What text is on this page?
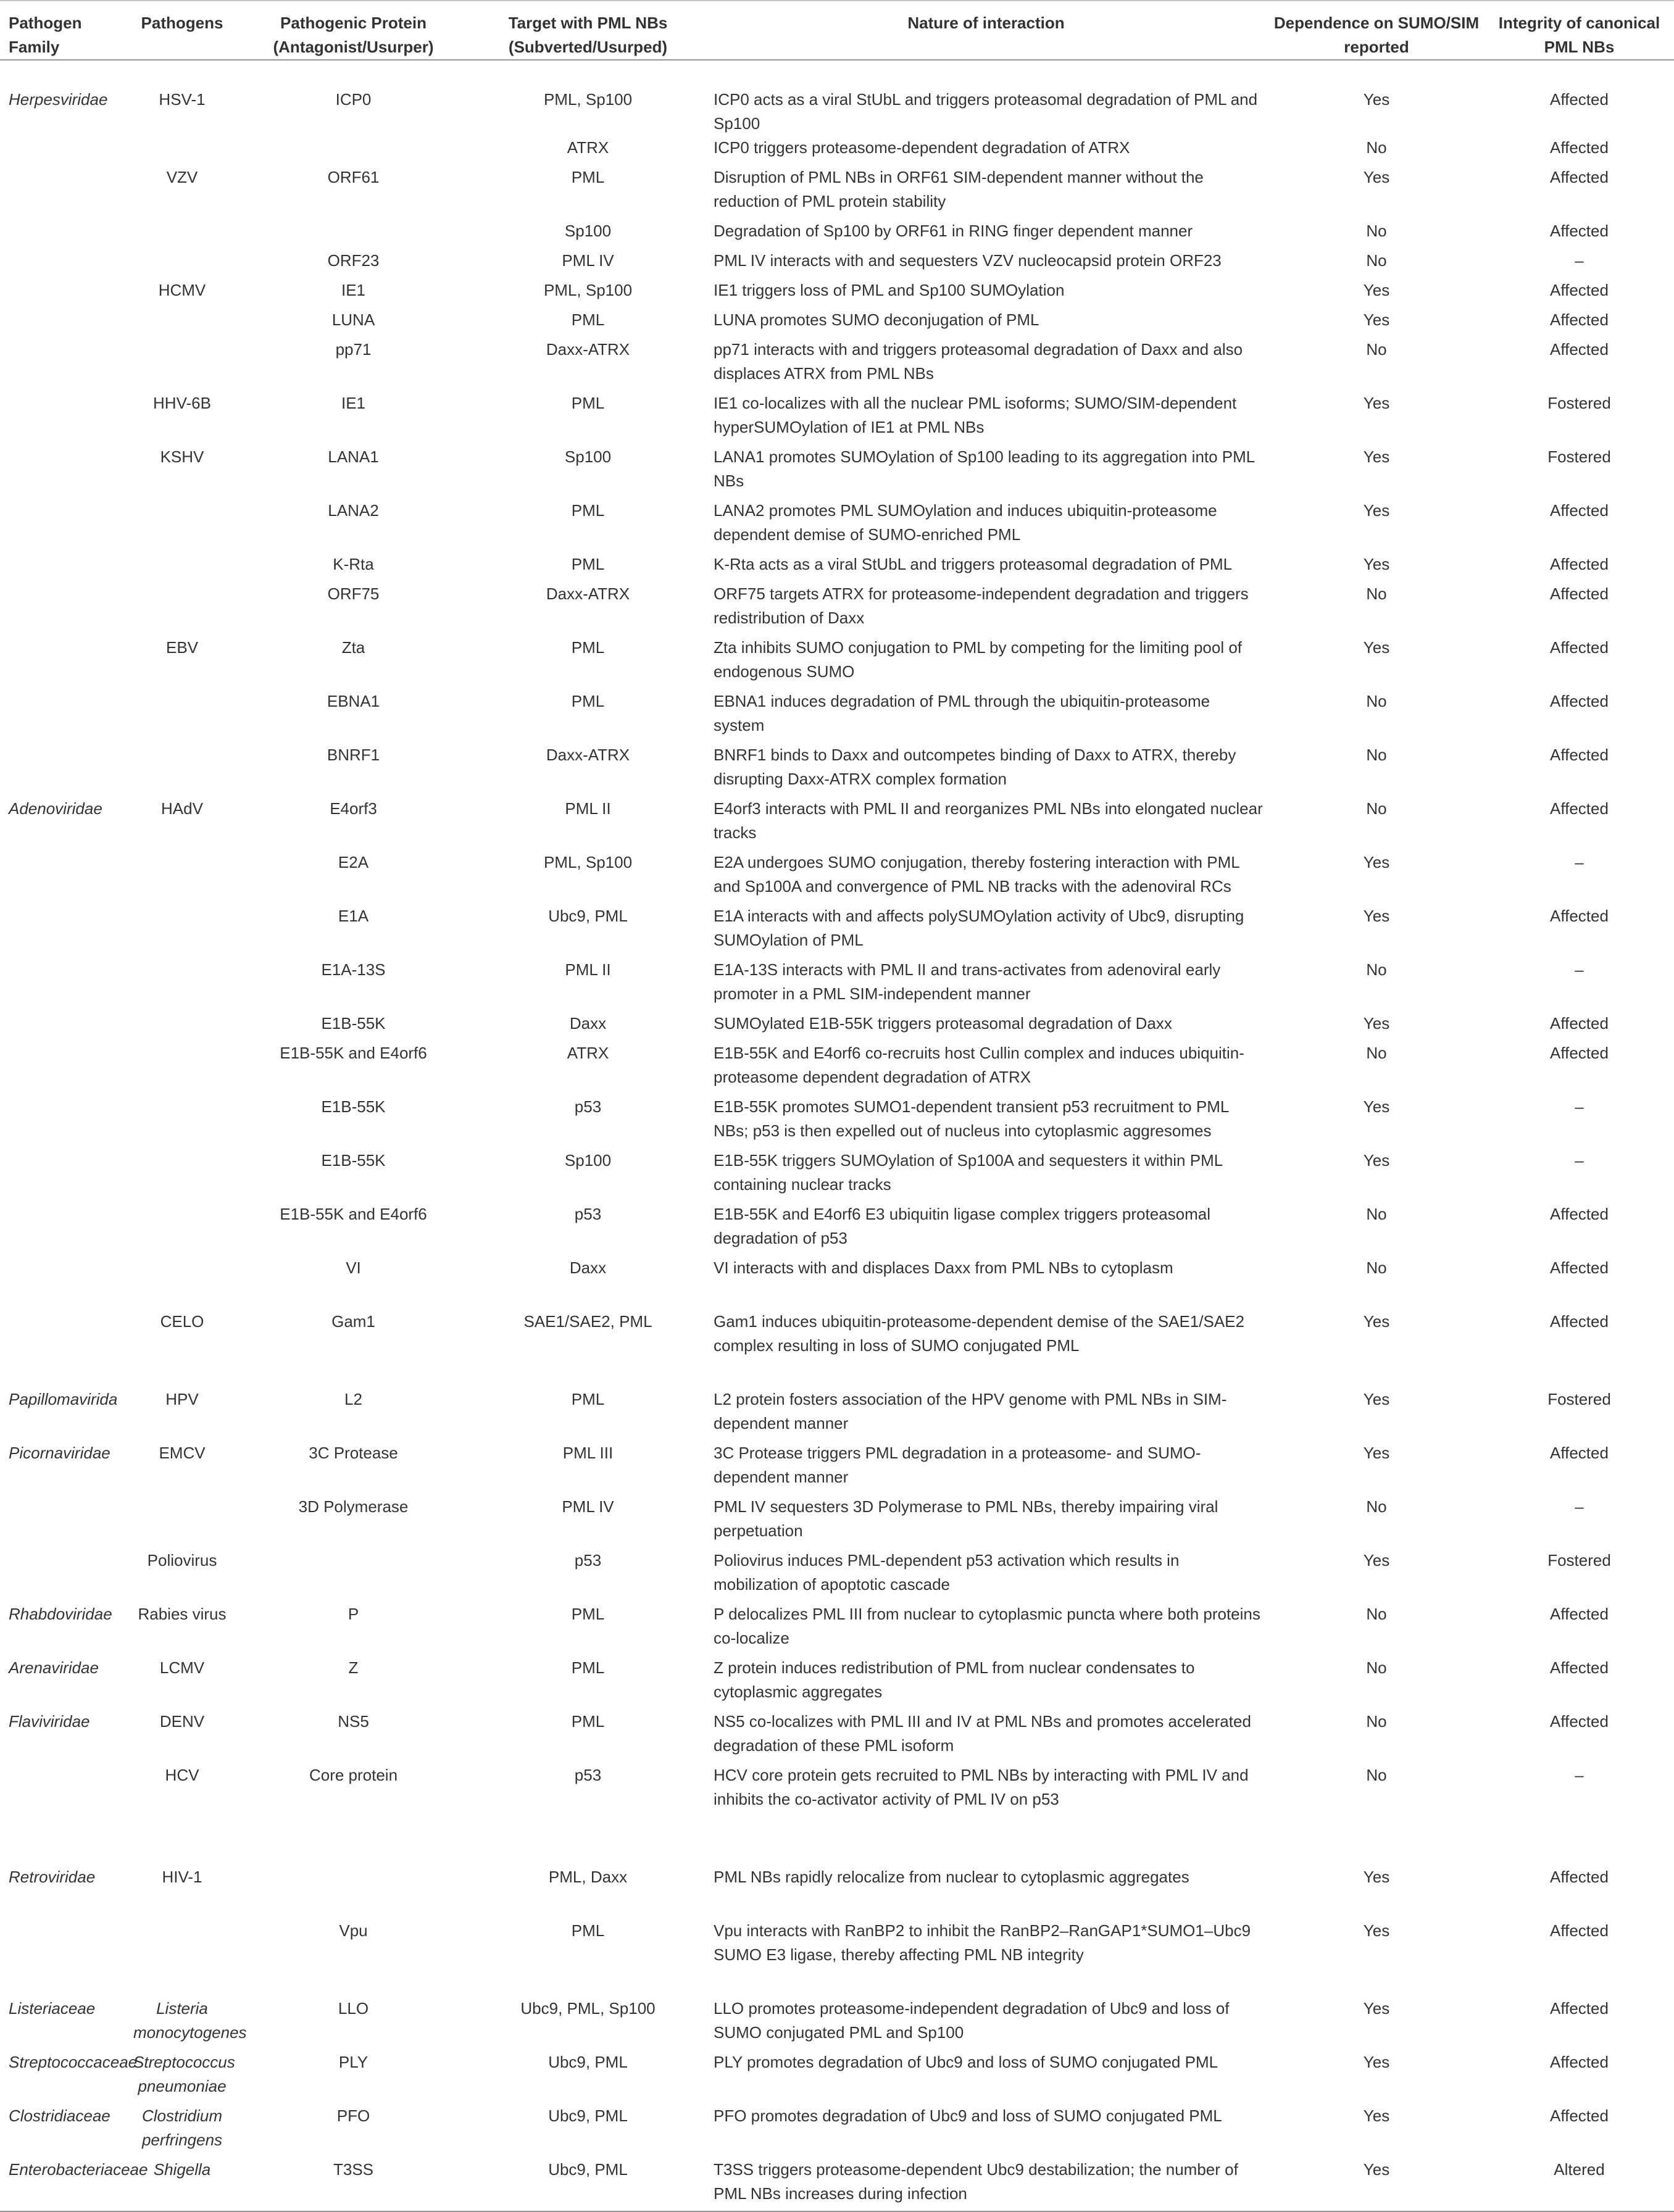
Pathogen Family	Pathogens	Pathogenic Protein (Antagonist/Usurper)	Target with PML NBs (Subverted/Usurped)	Nature of interaction	Dependence on SUMO/SIM reported	Integrity of canonical PML NBs
Herpesviridae	HSV-1	ICP0	PML, Sp100	ICP0 acts as a viral StUbL and triggers proteasomal degradation of PML and Sp100	Yes	Affected
			ATRX	ICP0 triggers proteasome-dependent degradation of ATRX	No	Affected
	VZV	ORF61	PML	Disruption of PML NBs in ORF61 SIM-dependent manner without the reduction of PML protein stability	Yes	Affected
			Sp100	Degradation of Sp100 by ORF61 in RING finger dependent manner	No	Affected
		ORF23	PML IV	PML IV interacts with and sequesters VZV nucleocapsid protein ORF23	No	–
	HCMV	IE1	PML, Sp100	IE1 triggers loss of PML and Sp100 SUMOylation	Yes	Affected
		LUNA	PML	LUNA promotes SUMO deconjugation of PML	Yes	Affected
		pp71	Daxx-ATRX	pp71 interacts with and triggers proteasomal degradation of Daxx and also displaces ATRX from PML NBs	No	Affected
	HHV-6B	IE1	PML	IE1 co-localizes with all the nuclear PML isoforms; SUMO/SIM-dependent hyperSUMOylation of IE1 at PML NBs	Yes	Fostered
	KSHV	LANA1	Sp100	LANA1 promotes SUMOylation of Sp100 leading to its aggregation into PML NBs	Yes	Fostered
		LANA2	PML	LANA2 promotes PML SUMOylation and induces ubiquitin-proteasome dependent demise of SUMO-enriched PML	Yes	Affected
		K-Rta	PML	K-Rta acts as a viral StUbL and triggers proteasomal degradation of PML	Yes	Affected
		ORF75	Daxx-ATRX	ORF75 targets ATRX for proteasome-independent degradation and triggers redistribution of Daxx	No	Affected
	EBV	Zta	PML	Zta inhibits SUMO conjugation to PML by competing for the limiting pool of endogenous SUMO	Yes	Affected
		EBNA1	PML	EBNA1 induces degradation of PML through the ubiquitin-proteasome system	No	Affected
		BNRF1	Daxx-ATRX	BNRF1 binds to Daxx and outcompetes binding of Daxx to ATRX, thereby disrupting Daxx-ATRX complex formation	No	Affected
Adenoviridae	HAdV	E4orf3	PML II	E4orf3 interacts with PML II and reorganizes PML NBs into elongated nuclear tracks	No	Affected
		E2A	PML, Sp100	E2A undergoes SUMO conjugation, thereby fostering interaction with PML and Sp100A and convergence of PML NB tracks with the adenoviral RCs	Yes	–
		E1A	Ubc9, PML	E1A interacts with and affects polySUMOylation activity of Ubc9, disrupting SUMOylation of PML	Yes	Affected
		E1A-13S	PML II	E1A-13S interacts with PML II and trans-activates from adenoviral early promoter in a PML SIM-independent manner	No	–
		E1B-55K	Daxx	SUMOylated E1B-55K triggers proteasomal degradation of Daxx	Yes	Affected
		E1B-55K and E4orf6	ATRX	E1B-55K and E4orf6 co-recruits host Cullin complex and induces ubiquitin-proteasome dependent degradation of ATRX	No	Affected
		E1B-55K	p53	E1B-55K promotes SUMO1-dependent transient p53 recruitment to PML NBs; p53 is then expelled out of nucleus into cytoplasmic aggresomes	Yes	–
		E1B-55K	Sp100	E1B-55K triggers SUMOylation of Sp100A and sequesters it within PML containing nuclear tracks	Yes	–
		E1B-55K and E4orf6	p53	E1B-55K and E4orf6 E3 ubiquitin ligase complex triggers proteasomal degradation of p53	No	Affected
		VI	Daxx	VI interacts with and displaces Daxx from PML NBs to cytoplasm	No	Affected
	CELO	Gam1	SAE1/SAE2, PML	Gam1 induces ubiquitin-proteasome-dependent demise of the SAE1/SAE2 complex resulting in loss of SUMO conjugated PML	Yes	Affected
Papillomavirida	HPV	L2	PML	L2 protein fosters association of the HPV genome with PML NBs in SIM-dependent manner	Yes	Fostered
Picornaviridae	EMCV	3C Protease	PML III	3C Protease triggers PML degradation in a proteasome- and SUMO-dependent manner	Yes	Affected
		3D Polymerase	PML IV	PML IV sequesters 3D Polymerase to PML NBs, thereby impairing viral perpetuation	No	–
	Poliovirus		p53	Poliovirus induces PML-dependent p53 activation which results in mobilization of apoptotic cascade	Yes	Fostered
Rhabdoviridae	Rabies virus	P	PML	P delocalizes PML III from nuclear to cytoplasmic puncta where both proteins co-localize	No	Affected
Arenaviridae	LCMV	Z	PML	Z protein induces redistribution of PML from nuclear condensates to cytoplasmic aggregates	No	Affected
Flaviviridae	DENV	NS5	PML	NS5 co-localizes with PML III and IV at PML NBs and promotes accelerated degradation of these PML isoform	No	Affected
	HCV	Core protein	p53	HCV core protein gets recruited to PML NBs by interacting with PML IV and inhibits the co-activator activity of PML IV on p53	No	–
Retroviridae	HIV-1		PML, Daxx	PML NBs rapidly relocalize from nuclear to cytoplasmic aggregates	Yes	Affected
		Vpu	PML	Vpu interacts with RanBP2 to inhibit the RanBP2–RanGAP1*SUMO1–Ubc9 SUMO E3 ligase, thereby affecting PML NB integrity	Yes	Affected
Listeriaceae	Listeria monocytogenes	LLO	Ubc9, PML, Sp100	LLO promotes proteasome-independent degradation of Ubc9 and loss of SUMO conjugated PML and Sp100	Yes	Affected
Streptococcaceae	Streptococcus pneumoniae	PLY	Ubc9, PML	PLY promotes degradation of Ubc9 and loss of SUMO conjugated PML	Yes	Affected
Clostridiaceae	Clostridium perfringens	PFO	Ubc9, PML	PFO promotes degradation of Ubc9 and loss of SUMO conjugated PML	Yes	Affected
Enterobacteriaceae	Shigella	T3SS	Ubc9, PML	T3SS triggers proteasome-dependent Ubc9 destabilization; the number of PML NBs increases during infection	Yes	Altered
